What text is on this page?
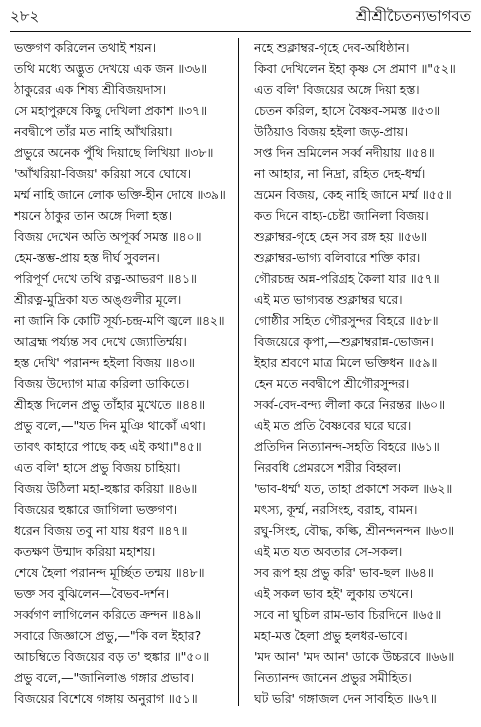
২৮২	শ্রীশ্রীচৈতন্যভাগবত
ভক্তগণ করিলেন তথাই শয়ন।
তথি মধ্যে অদ্ভুত দেখয়ে এক জন ॥৩৬॥
ঠাকুরের এক শিষ্য শ্রীবিজয়দাস।
সে মহাপুরুষে কিছু দেখিলা প্রকাশ ॥৩৭॥
নবদ্বীপে তাঁর মত নাহি আঁখরিয়া।
প্রভুরে অনেক পুঁথি দিয়াছে লিখিয়া ॥৩৮॥
'আঁখরিয়া-বিজয়' করিয়া সবে ঘোষে।
মর্ম্ম নাহি জানে লোক ভক্তি-হীন দোষে ॥৩৯॥
শয়নে ঠাকুর তান অঙ্গে দিলা হস্ত।
বিজয় দেখেন অতি অপূর্ব্ব সমস্ত ॥৪০॥
হেম-স্তম্ভ-প্রায় হস্ত দীর্ঘ সুবলন।
পরিপূর্ণ দেখে তথি রত্ন-আভরণ ॥৪১॥
শ্রীরত্ন-মুদ্রিকা যত অঙ্গুলীর মূলে।
না জানি কি কোটি সূর্য্য-চন্দ্র-মণি জ্বলে ॥৪২॥
আব্রহ্ম পর্য্যন্ত সব দেখে জ্যোতির্ম্ময়।
হস্ত দেখি' পরানন্দ হইলা বিজয় ॥৪৩॥
বিজয় উদ্যোগ মাত্র করিলা ডাকিতে।
শ্রীহস্ত দিলেন প্রভু তাঁহার মুখেতে ॥৪৪॥
প্রভু বলে,—"যত দিন মুঞি থাকোঁ এথা।
তাবৎ কাহারে পাছে কহ এই কথা।"৪৫॥
এত বলি' হাসে প্রভু বিজয় চাহিয়া।
বিজয় উঠিলা মহা-হুঙ্কার করিয়া ॥৪৬॥
বিজয়ের হুঙ্কারে জাগিলা ভক্তগণ।
ধরেন বিজয় তবু না যায় ধরণ ॥৪৭॥
কতক্ষণ উন্মাদ করিয়া মহাশয়।
শেষে হৈলা পরানন্দ মূর্চ্ছিত তন্ময় ॥৪৮॥
ভক্ত সব বুঝিলেন—বৈভব-দর্শন।
সর্ব্বগণ লাগিলেন করিতে ক্রন্দন ॥৪৯॥
সবারে জিজ্ঞাসে প্রভু,—"কি বল ইহার?
আচম্বিতে বিজয়ের বড় ত' হুঙ্কার ॥"৫০॥
প্রভু বলে,—"জানিলাঙ গঙ্গার প্রভাব।
বিজয়ের বিশেষে গঙ্গায় অনুরাগ ॥৫১॥
নহে শুক্লাম্বর-গৃহে দেব-অধিষ্ঠান।
কিবা দেখিলেন ইহা কৃষ্ণ সে প্রমাণ ॥"৫২॥
এত বলি' বিজয়ের অঙ্গে দিয়া হস্ত।
চেতন করিল, হাসে বৈষ্ণব-সমস্ত ॥৫৩॥
উঠিয়াও বিজয় হইলা জড়-প্রায়।
সপ্ত দিন ভ্রমিলেন সর্ব্ব নদীয়ায় ॥৫৪॥
না আহার, না নিদ্রা, রহিত দেহ-ধর্ম্ম।
ভ্রমেন বিজয়, কেহ নাহি জানে মর্ম্ম ॥৫৫॥
কত দিনে বাহ্য-চেষ্টা জানিলা বিজয়।
শুক্লাম্বর-গৃহে হেন সব রঙ্গ হয় ॥৫৬॥
শুক্লাম্বর-ভাগ্য বলিবারে শক্তি কার।
গৌরচন্দ্র অন্ন-পরিগ্রহ কৈলা যার ॥৫৭॥
এই মত ভাগ্যবন্ত শুক্লাম্বর ঘরে।
গোষ্ঠীর সহিত গৌরসুন্দর বিহরে ॥৫৮॥
বিজয়েরে কৃপা,—শুক্লাম্বরান্ন-ভোজন।
ইহার শ্রবণে মাত্র মিলে ভক্তিধন ॥৫৯॥
হেন মতে নবদ্বীপে শ্রীগৌরসুন্দর।
সর্ব্ব-বেদ-বন্দ্য লীলা করে নিরন্তর ॥৬০॥
এই মত প্রতি বৈষ্ণবের ঘরে ঘরে।
প্রতিদিন নিত্যানন্দ-সহতি বিহরে ॥৬১॥
নিরবধি প্রেমরসে শরীর বিহ্বল।
'ভাব-ধর্ম্ম' যত, তাহা প্রকাশে সকল ॥৬২॥
মৎস্য, কূর্ম্ম, নরসিংহ, বরাহ, বামন।
রঘু-সিংহ, বৌদ্ধ, কল্কি, শ্রীনন্দনন্দন ॥৬৩॥
এই মত যত অবতার সে-সকল।
সব রূপ হয় প্রভু করি' ভাব-ছল ॥৬৪॥
এই সকল ভাব হই' লুকায় তখনে।
সবে না ঘুচিল রাম-ভাব চিরদিনে ॥৬৫॥
মহা-মত্ত হৈলা প্রভু হলধর-ভাবে।
'মদ আন' 'মদ আন' ডাকে উচ্চরবে ॥৬৬॥
নিত্যানন্দ জানেন প্রভুর সমীহিত।
ঘট ভরি' গঙ্গাজল দেন সাবহিত ॥৬৭॥
